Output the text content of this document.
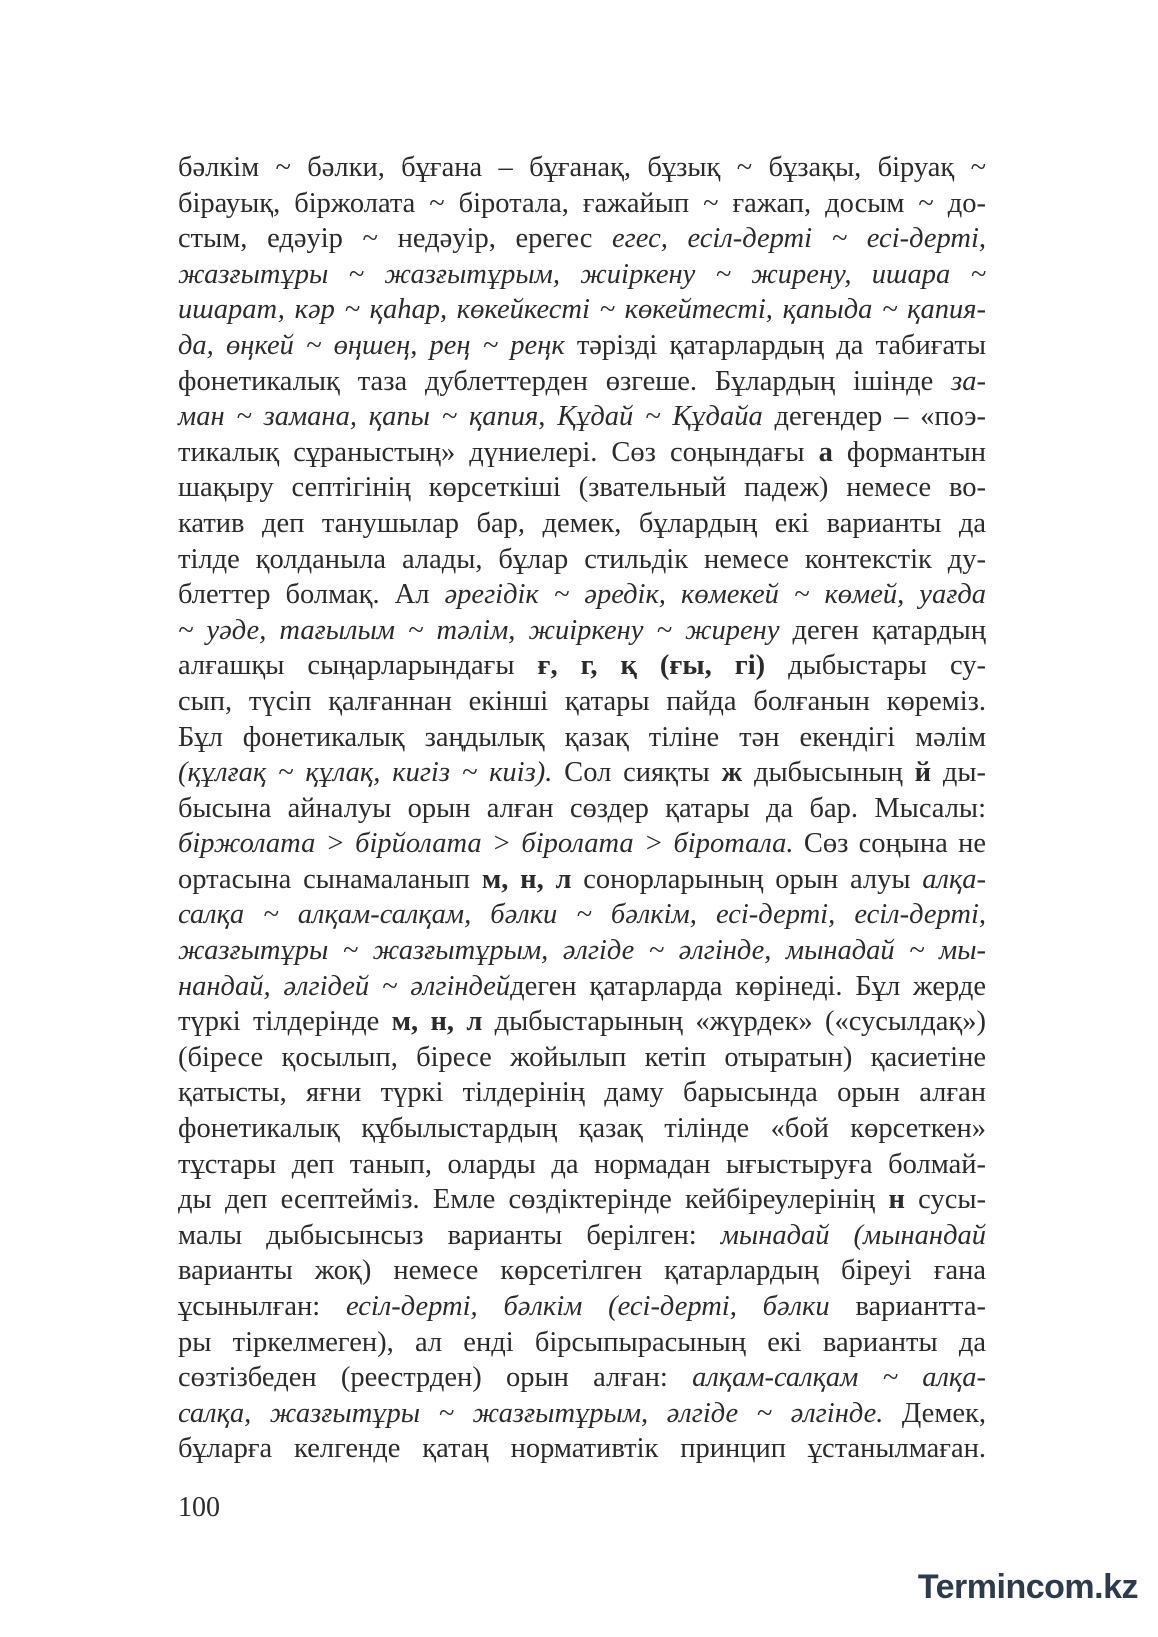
бәлкім ~ бәлки, бұғана – бұғанақ, бұзық ~ бұзақы, біруақ ~
бірауық, біржолата ~ біротала, ғажайып ~ ғажап, досым ~ до-
стым, едәуір ~ недәуір, ерегес егес, есіл-дерті ~ есі-дерті,
жазғытұры ~ жазғытұрым, жиіркену ~ жирену, ишара ~
ишарат, кәр ~ қаһар, көкейкесті ~ көкейтесті, қапыда ~ қапия-
да, өңкей ~ өңшең, рең ~ реңк тәрізді қатарлардың да табиғаты
фонетикалық таза дублеттерден өзгеше. Бұлардың ішінде за-
ман ~ замана, қапы ~ қапия, Құдай ~ Құдайа дегендер – «поэ-
тикалық сұраныстың» дүниелері. Сөз соңындағы а формантын
шақыру септігінің көрсеткіші (звательный падеж) немесе во-
катив деп танушылар бар, демек, бұлардың екі варианты да
тілде қолданыла алады, бұлар стильдік немесе контекстік ду-
блеттер болмақ. Ал әрегідік ~ әредік, көмекей ~ көмей, уағда
~ уәде, тағылым ~ тәлім, жиіркену ~ жирену деген қатардың
алғашқы сыңарларындағы ғ, г, қ (ғы, гі) дыбыстары су-
сып, түсіп қалғаннан екінші қатары пайда болғанын көреміз.
Бұл фонетикалық заңдылық қазақ тіліне тән екендігі мәлім
(құлғақ ~ құлақ, кигіз ~ киіз). Сол сияқты ж дыбысының й ды-
бысына айналуы орын алған сөздер қатары да бар. Мысалы:
біржолата > бірйолата > бiролата > біротала. Сөз соңына не
ортасына сынамаланып м, н, л сонорларының орын алуы алқа-
салқа ~ алқам-салқам, бәлки ~ бәлкім, есі-дерті, есіл-дерті,
жазғытұры ~ жазғытұрым, әлгіде ~ әлгінде, мынадай ~ мы-
нандай, әлгідей ~ әлгіндейдеген қатарларда көрінеді. Бұл жерде
түркі тілдерінде м, н, л дыбыстарының «жүрдек» («сусылдақ»)
(біресе қосылып, біресе жойылып кетіп отыратын) қасиетіне
қатысты, яғни түркі тілдерінің даму барысында орын алған
фонетикалық құбылыстардың қазақ тілінде «бой көрсеткен»
тұстары деп танып, оларды да нормадан ығыстыруға болмай-
ды деп есептейміз. Емле сөздіктерінде кейбіреулерінің н сусы-
малы дыбысынсыз варианты берілген: мынадай (мынандай
варианты жоқ) немесе көрсетілген қатарлардың біреуі ғана
ұсынылған: есіл-дерті, бәлкім (есі-дерті, бәлки вариантта-
ры тіркелмеген), ал енді бірсыпырасының екі варианты да
сөзтізбеден (реестрден) орын алған: алқам-салқам ~ алқа-
салқа, жазғытұры ~ жазғытұрым, әлгіде ~ әлгінде. Демек,
бұларға келгенде қатаң нормативтік принцип ұстанылмаған.
100
Termincom.kz
